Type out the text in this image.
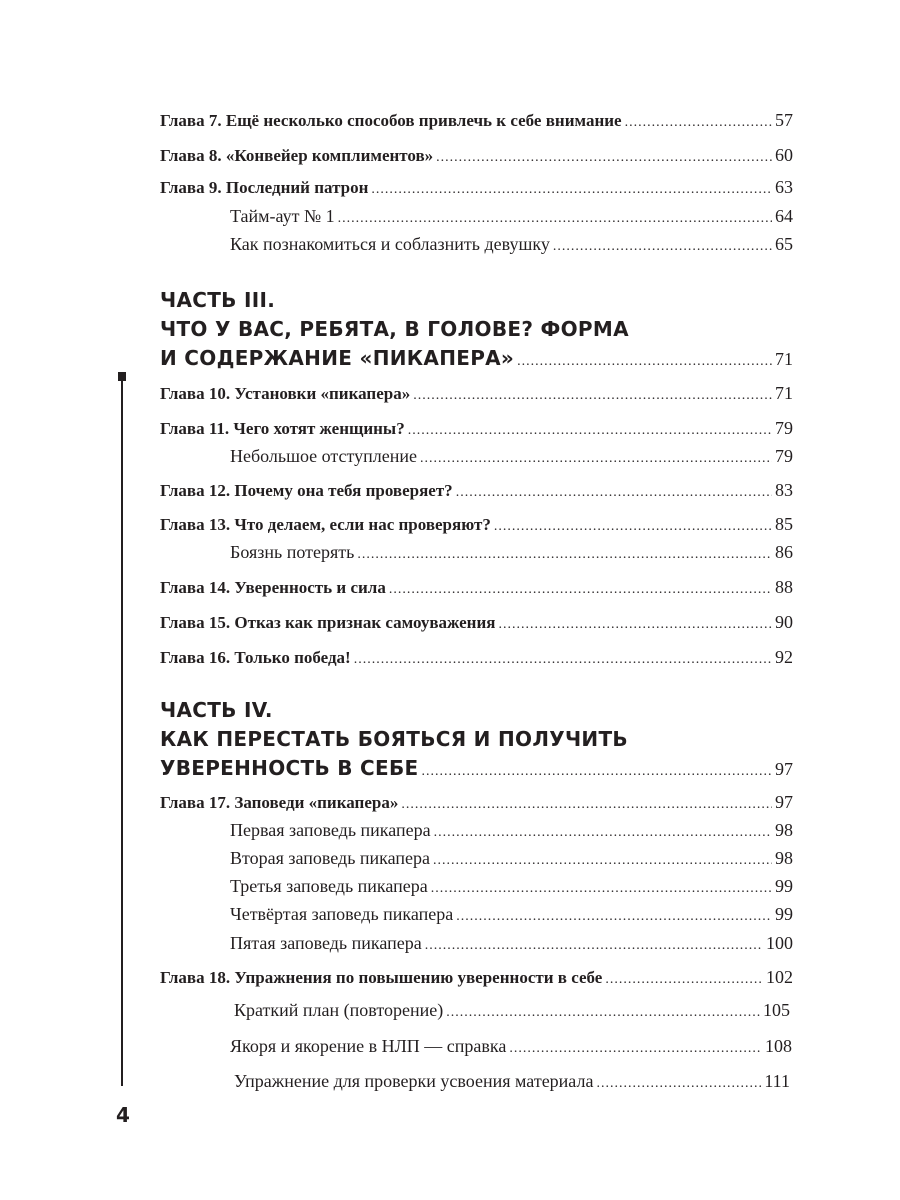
Глава 7. Ещё несколько способов привлечь к себе внимание .....	57
Глава 8. «Конвейер комплиментов» .....	60
Глава 9. Последний патрон .....	63
Тайм-аут № 1 .....	64
Как познакомиться и соблазнить девушку .....	65
ЧАСТЬ III.
ЧТО У ВАС, РЕБЯТА, В ГОЛОВЕ? ФОРМА
И СОДЕРЖАНИЕ «ПИКАПЕРА» .....	71
Глава 10. Установки «пикапера» .....	71
Глава 11. Чего хотят женщины? .....	79
Небольшое отступление .....	79
Глава 12. Почему она тебя проверяет? .....	83
Глава 13. Что делаем, если нас проверяют? .....	85
Боязнь потерять .....	86
Глава 14. Уверенность и сила .....	88
Глава 15. Отказ как признак самоуважения .....	90
Глава 16. Только победа! .....	92
ЧАСТЬ IV.
КАК ПЕРЕСТАТЬ БОЯТЬСЯ И ПОЛУЧИТЬ
УВЕРЕННОСТЬ В СЕБЕ .....	97
Глава 17. Заповеди «пикапера» .....	97
Первая заповедь пикапера .....	98
Вторая заповедь пикапера .....	98
Третья заповедь пикапера .....	99
Четвёртая заповедь пикапера .....	99
Пятая заповедь пикапера .....	100
Глава 18. Упражнения по повышению уверенности в себе .....	102
Краткий план (повторение) .....	105
Якоря и якорение в НЛП — справка .....	108
Упражнение для проверки усвоения материала .....	111
4
